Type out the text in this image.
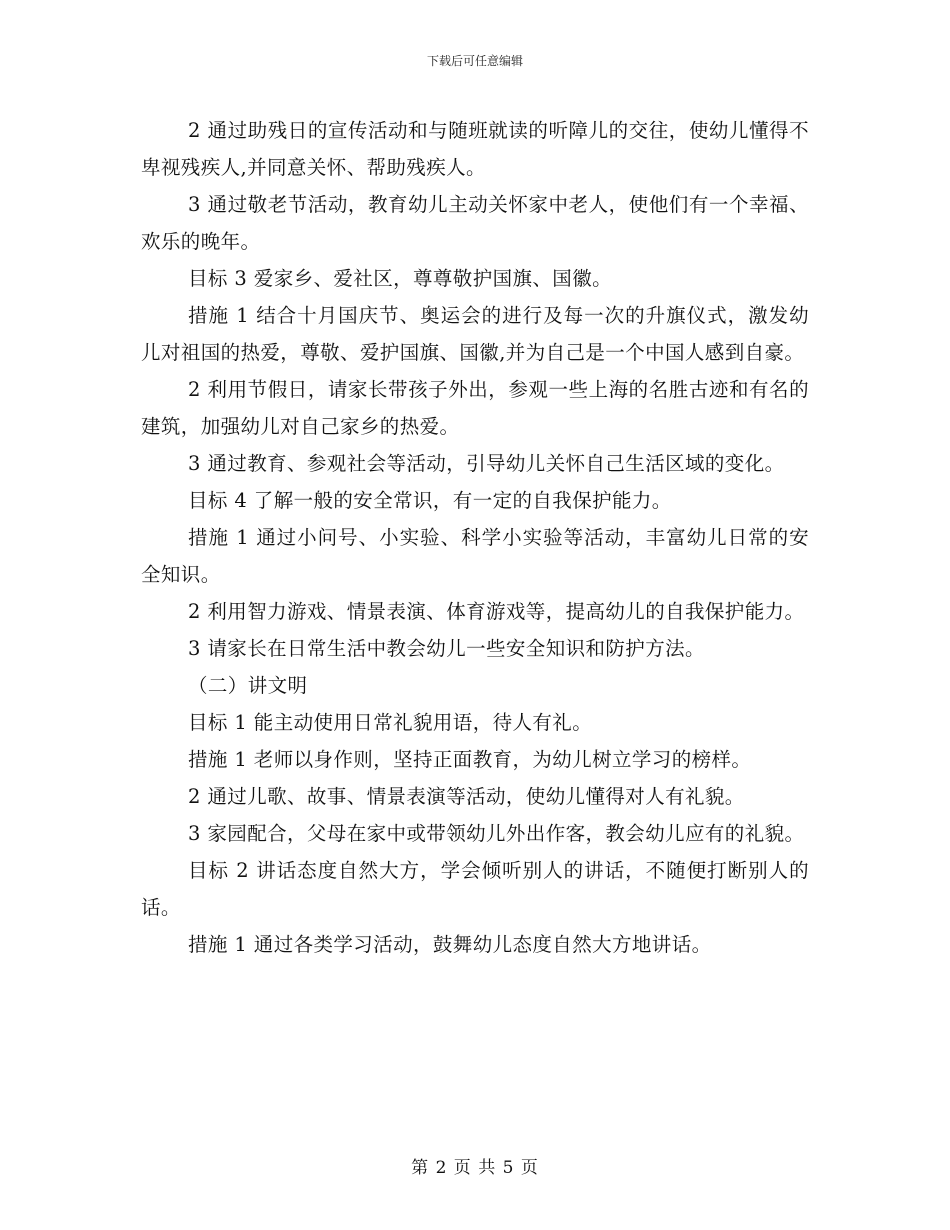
下载后可任意编辑

2 通过助残日的宣传活动和与随班就读的听障儿的交往，使幼儿懂得不卑视残疾人,并同意关怀、帮助残疾人。

3 通过敬老节活动，教育幼儿主动关怀家中老人，使他们有一个幸福、欢乐的晚年。

目标 3 爱家乡、爱社区，尊尊敬护国旗、国徽。

措施 1 结合十月国庆节、奥运会的进行及每一次的升旗仪式，激发幼儿对祖国的热爱，尊敬、爱护国旗、国徽,并为自己是一个中国人感到自豪。

2 利用节假日，请家长带孩子外出，参观一些上海的名胜古迹和有名的建筑，加强幼儿对自己家乡的热爱。

3 通过教育、参观社会等活动，引导幼儿关怀自己生活区域的变化。

目标 4 了解一般的安全常识，有一定的自我保护能力。

措施 1 通过小问号、小实验、科学小实验等活动，丰富幼儿日常的安全知识。

2 利用智力游戏、情景表演、体育游戏等，提高幼儿的自我保护能力。

3 请家长在日常生活中教会幼儿一些安全知识和防护方法。

（二）讲文明

目标 1 能主动使用日常礼貌用语，待人有礼。

措施 1 老师以身作则，坚持正面教育，为幼儿树立学习的榜样。

2 通过儿歌、故事、情景表演等活动，使幼儿懂得对人有礼貌。

3 家园配合，父母在家中或带领幼儿外出作客，教会幼儿应有的礼貌。

目标 2 讲话态度自然大方，学会倾听别人的讲话，不随便打断别人的话。

措施 1 通过各类学习活动，鼓舞幼儿态度自然大方地讲话。

第 2 页 共 5 页
